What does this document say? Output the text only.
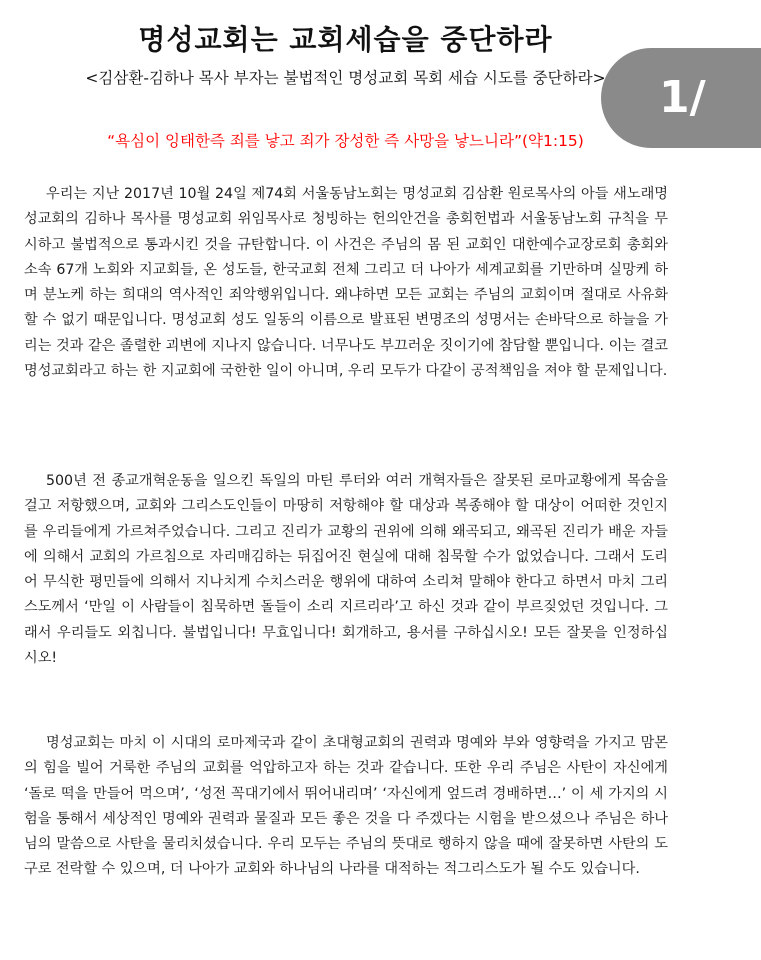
1/
명성교회는 교회세습을 중단하라
<김삼환-김하나 목사 부자는 불법적인 명성교회 목회 세습 시도를 중단하라>
“욕심이 잉태한즉 죄를 낳고 죄가 장성한 즉 사망을 낳느니라”(약1:15)

우리는 지난 2017년 10월 24일 제74회 서울동남노회는 명성교회 김삼환 원로목사의 아들 새노래명성교회의 김하나 목사를 명성교회 위임목사로 청빙하는 헌의안건을 총회헌법과 서울동남노회 규칙을 무시하고 불법적으로 통과시킨 것을 규탄합니다. 이 사건은 주님의 몸 된 교회인 대한예수교장로회 총회와 소속 67개 노회와 지교회들, 온 성도들, 한국교회 전체 그리고 더 나아가 세계교회를 기만하며 실망케 하며 분노케 하는 희대의 역사적인 죄악행위입니다. 왜냐하면 모든 교회는 주님의 교회이며 절대로 사유화 할 수 없기 때문입니다. 명성교회 성도 일동의 이름으로 발표된 변명조의 성명서는 손바닥으로 하늘을 가리는 것과 같은 졸렬한 괴변에 지나지 않습니다. 너무나도 부끄러운 짓이기에 참담할 뿐입니다. 이는 결코 명성교회라고 하는 한 지교회에 국한한 일이 아니며, 우리 모두가 다같이 공적책임을 져야 할 문제입니다.

500년 전 종교개혁운동을 일으킨 독일의 마틴 루터와 여러 개혁자들은 잘못된 로마교황에게 목숨을 걸고 저항했으며, 교회와 그리스도인들이 마땅히 저항해야 할 대상과 복종해야 할 대상이 어떠한 것인지를 우리들에게 가르쳐주었습니다. 그리고 진리가 교황의 권위에 의해 왜곡되고, 왜곡된 진리가 배운 자들에 의해서 교회의 가르침으로 자리매김하는 뒤집어진 현실에 대해 침묵할 수가 없었습니다. 그래서 도리어 무식한 평민들에 의해서 지나치게 수치스러운 행위에 대하여 소리쳐 말해야 한다고 하면서 마치 그리스도께서 ‘만일 이 사람들이 침묵하면 돌들이 소리 지르리라’고 하신 것과 같이 부르짖었던 것입니다. 그래서 우리들도 외칩니다. 불법입니다! 무효입니다! 회개하고, 용서를 구하십시오! 모든 잘못을 인정하십시오!

명성교회는 마치 이 시대의 로마제국과 같이 초대형교회의 권력과 명예와 부와 영향력을 가지고 맘몬의 힘을 빌어 거룩한 주님의 교회를 억압하고자 하는 것과 같습니다. 또한 우리 주님은 사탄이 자신에게 ‘돌로 떡을 만들어 먹으며’, ‘성전 꼭대기에서 뛰어내리며’ ‘자신에게 엎드려 경배하면…’ 이 세 가지의 시험을 통해서 세상적인 명예와 권력과 물질과 모든 좋은 것을 다 주겠다는 시험을 받으셨으나 주님은 하나님의 말씀으로 사탄을 물리치셨습니다. 우리 모두는 주님의 뜻대로 행하지 않을 때에 잘못하면 사탄의 도구로 전락할 수 있으며, 더 나아가 교회와 하나님의 나라를 대적하는 적그리스도가 될 수도 있습니다.
